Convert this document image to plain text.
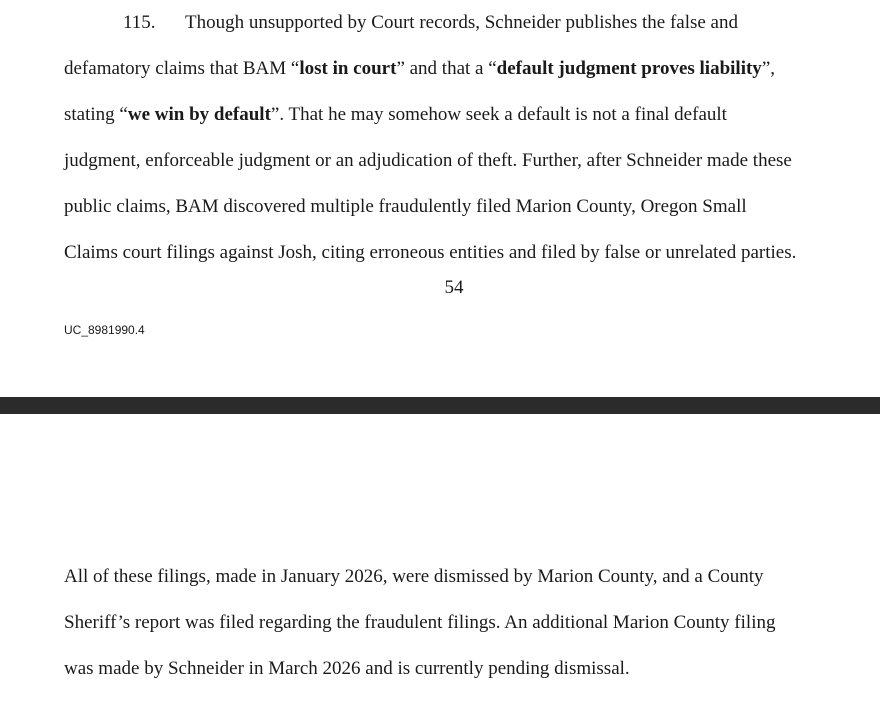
115. Though unsupported by Court records, Schneider publishes the false and
defamatory claims that BAM “lost in court” and that a “default judgment proves liability”,
stating “we win by default”. That he may somehow seek a default is not a final default
judgment, enforceable judgment or an adjudication of theft. Further, after Schneider made these
public claims, BAM discovered multiple fraudulently filed Marion County, Oregon Small
Claims court filings against Josh, citing erroneous entities and filed by false or unrelated parties.
54
UC_8981990.4
All of these filings, made in January 2026, were dismissed by Marion County, and a County
Sheriff’s report was filed regarding the fraudulent filings. An additional Marion County filing
was made by Schneider in March 2026 and is currently pending dismissal.
